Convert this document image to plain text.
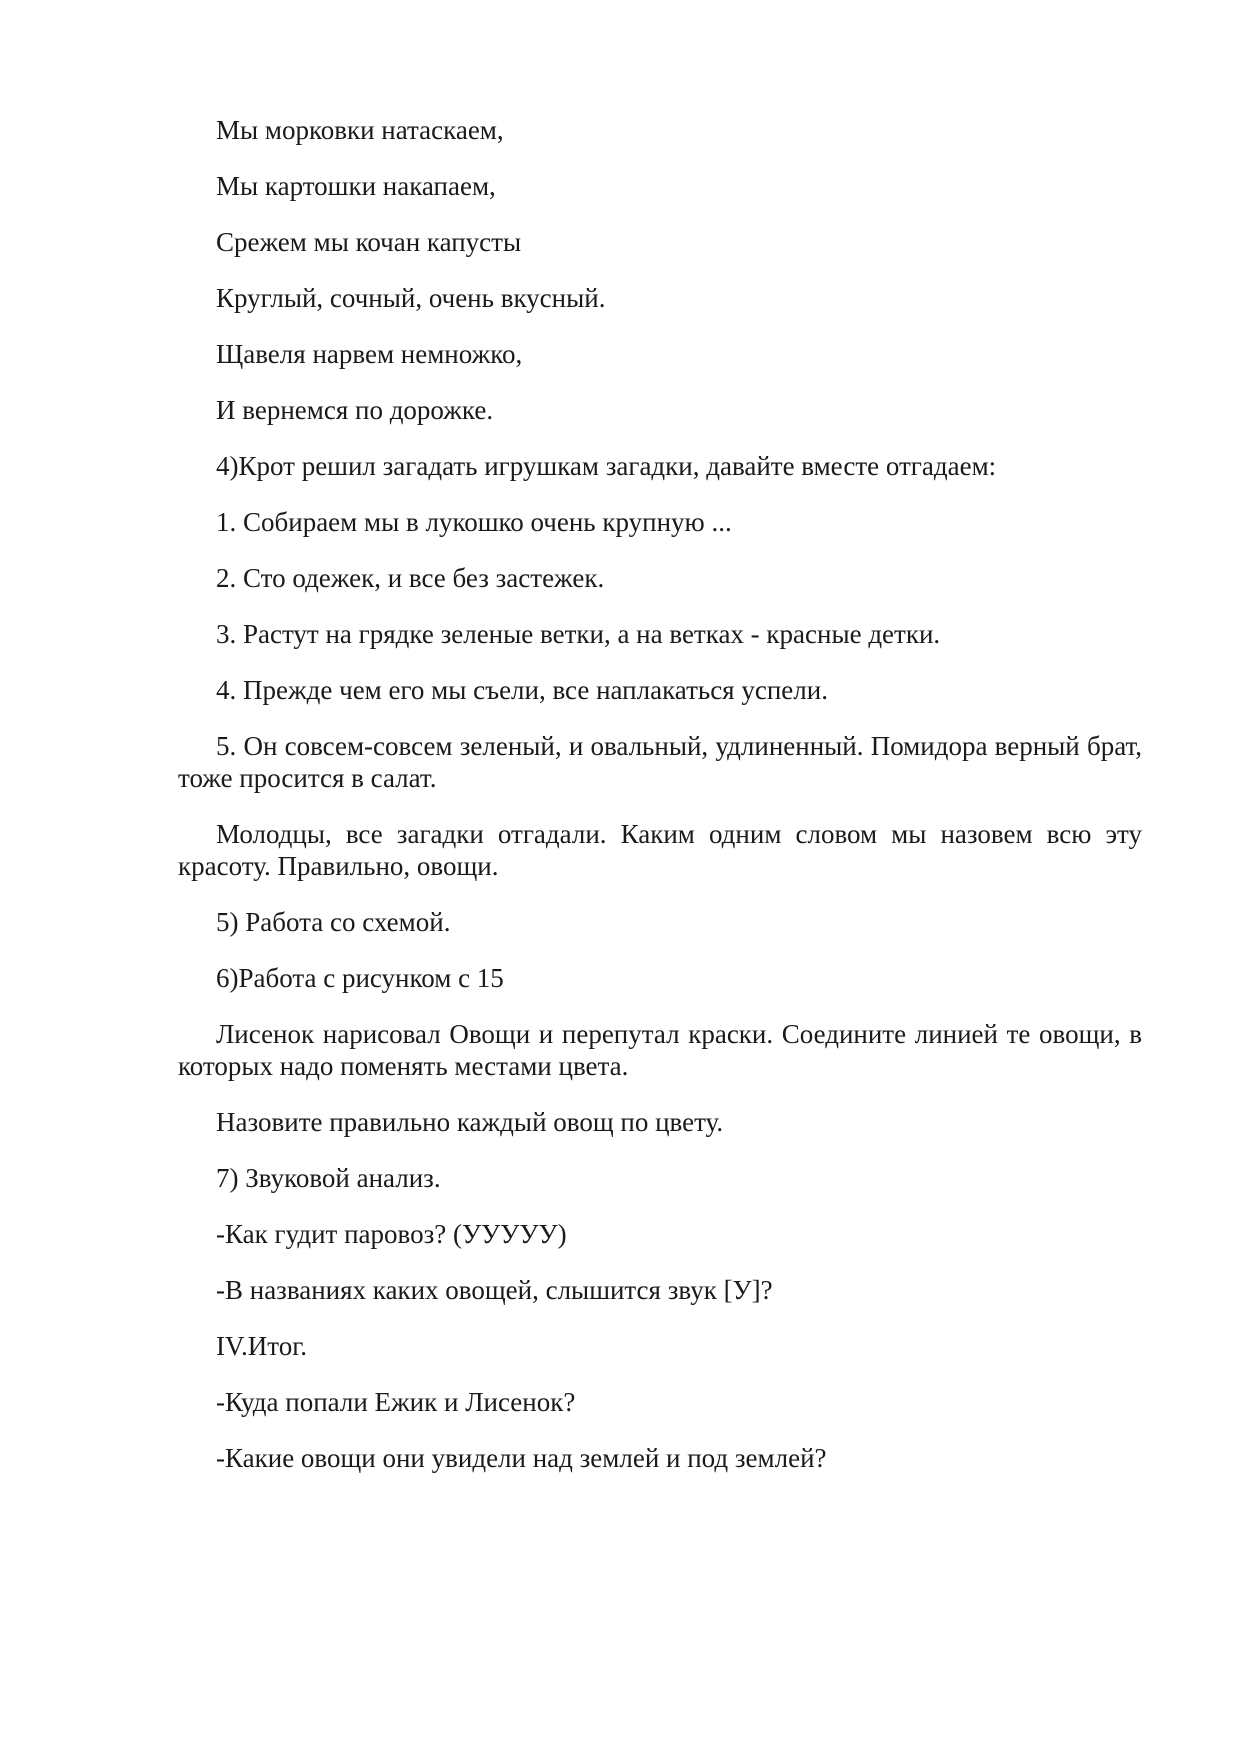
Мы морковки натаскаем,

Мы картошки накапаем,

Срежем мы кочан капусты

Круглый, сочный, очень вкусный.

Щавеля нарвем немножко,

И вернемся по дорожке.

4)Крот решил загадать игрушкам загадки, давайте вместе отгадаем:

1. Собираем мы в лукошко очень крупную ...

2. Сто одежек, и все без застежек.

3. Растут на грядке зеленые ветки, а на ветках - красные детки.

4. Прежде чем его мы съели, все наплакаться успели.

5. Он совсем-совсем зеленый, и овальный, удлиненный. Помидора верный брат, тоже просится в салат.

Молодцы, все загадки отгадали. Каким одним словом мы назовем всю эту красоту. Правильно, овощи.

5) Работа со схемой.

6)Работа с рисунком с 15

Лисенок нарисовал Овощи и перепутал краски. Соедините линией те овощи, в которых надо поменять местами цвета.

Назовите правильно каждый овощ по цвету.

7) Звуковой анализ.

-Как гудит паровоз? (УУУУУ)

-В названиях каких овощей, слышится звук [У]?

IV.Итог.

-Куда попали Ежик и Лисенок?

-Какие овощи они увидели над землей и под землей?
